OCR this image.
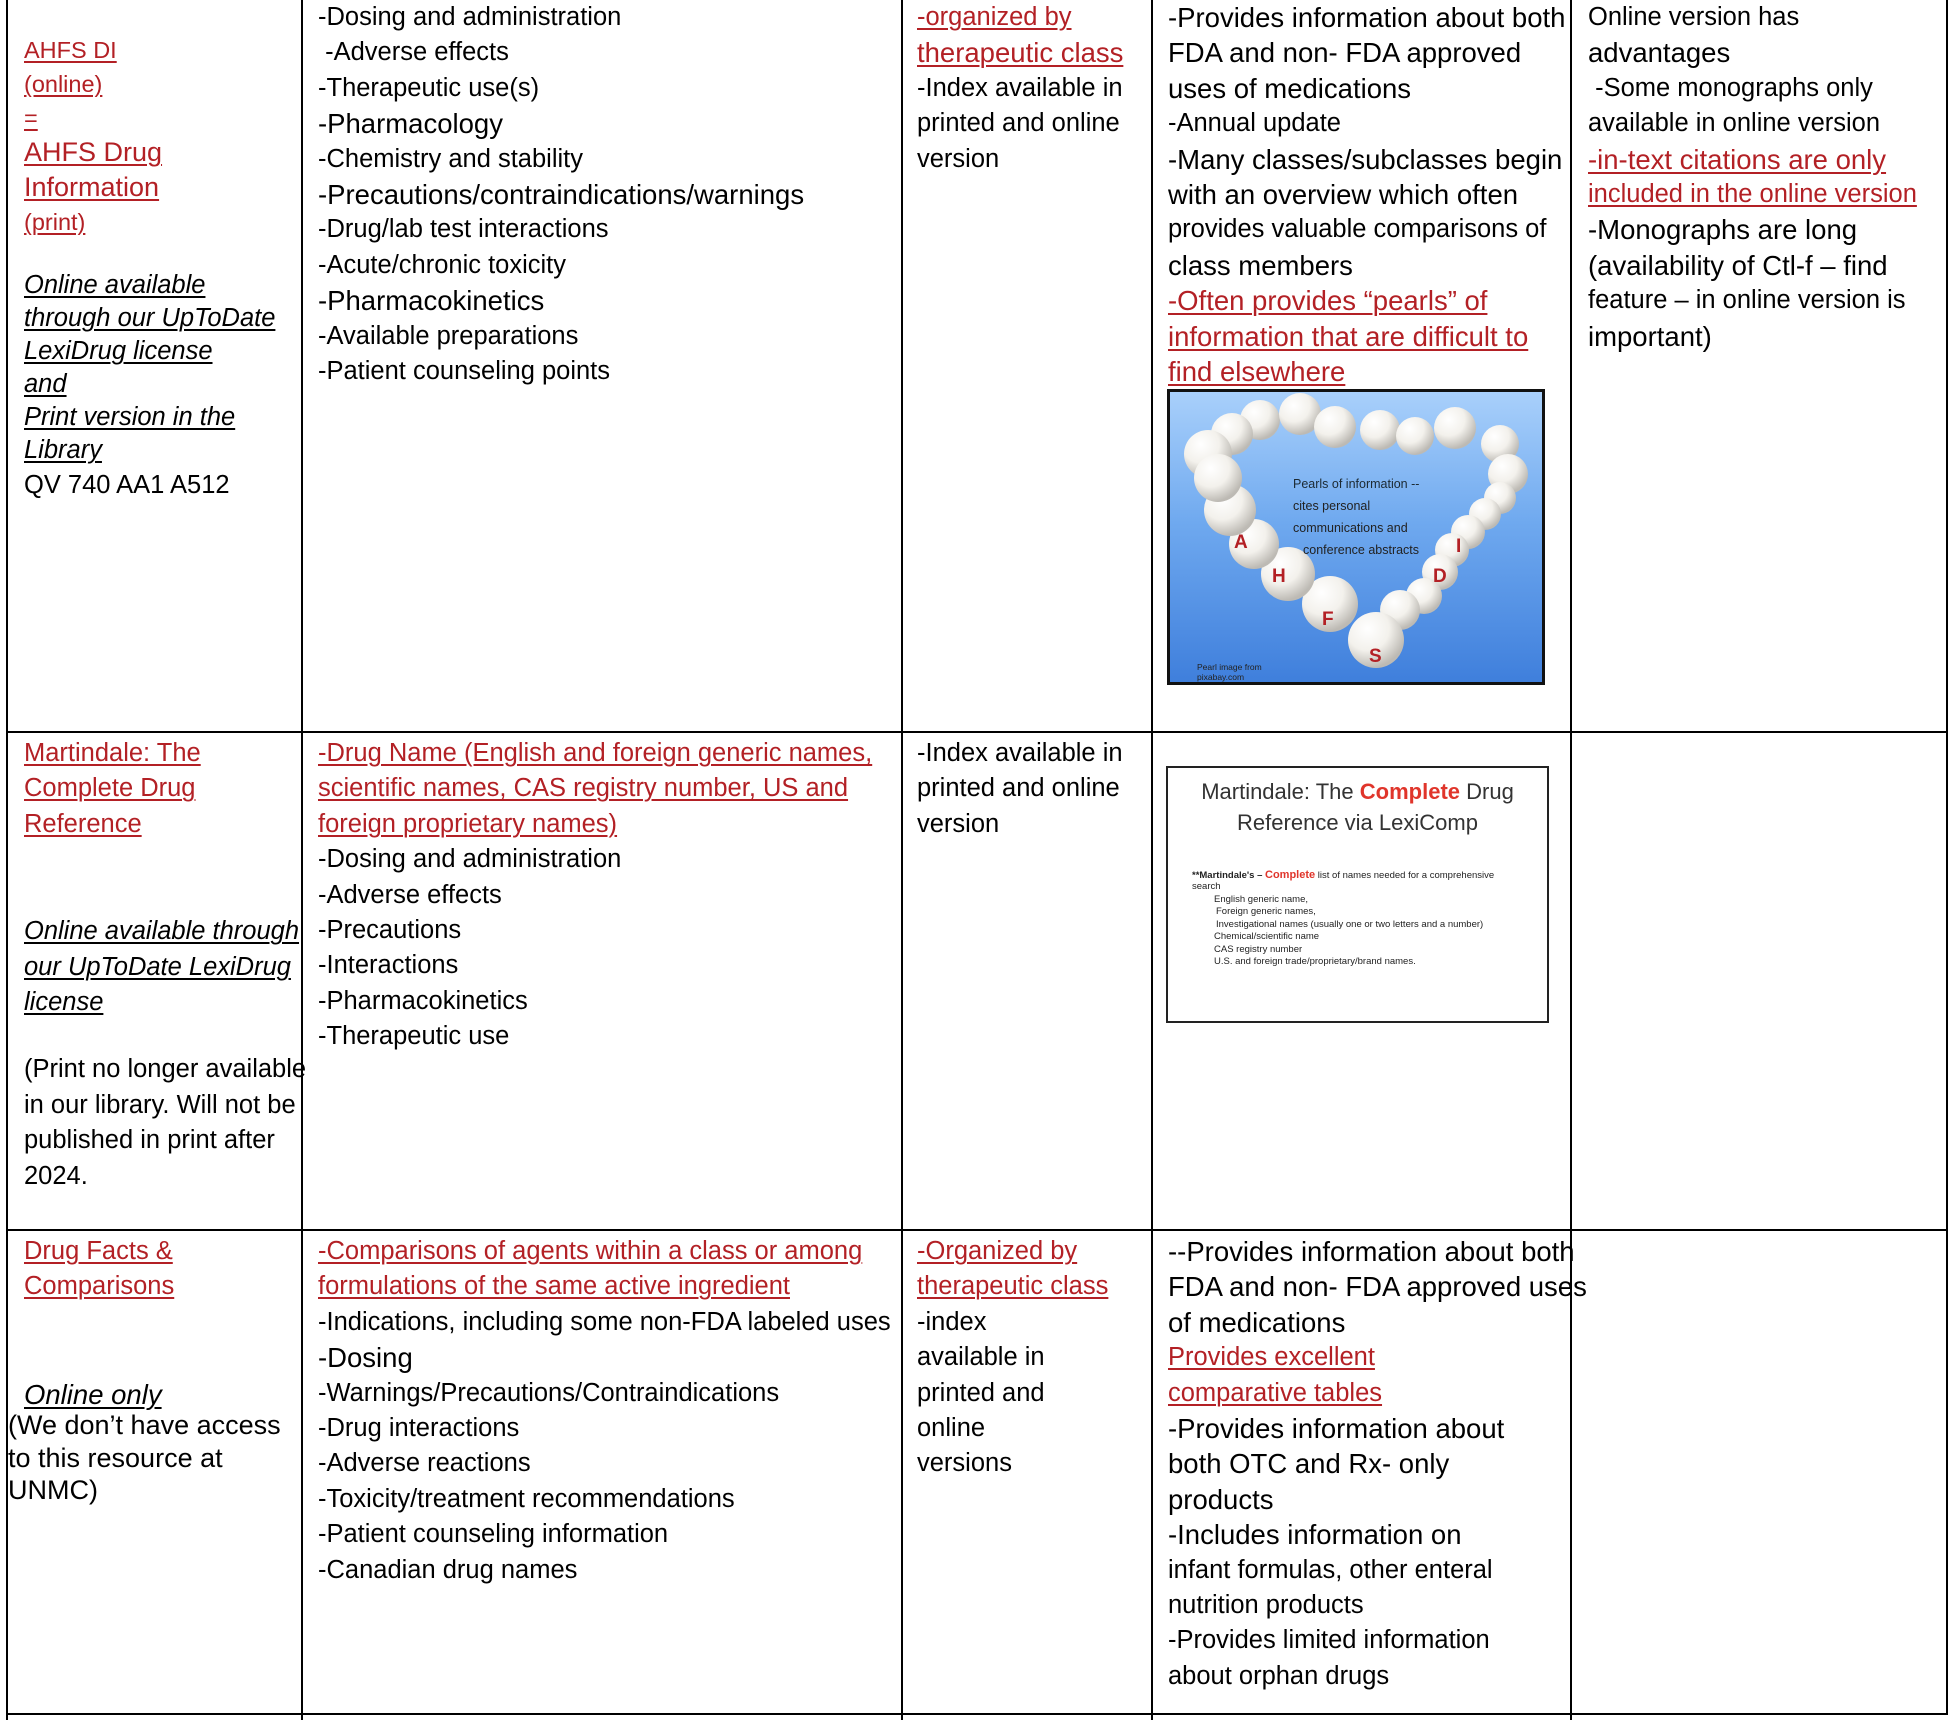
AHFS DI

(online)

=

AHFS Drug

Information

(print)

Online available

through our UpToDate

LexiDrug license

and

Print version in the

Library

QV 740 AA1 A512

-Dosing and administration

-Adverse effects

-Therapeutic use(s)

-Pharmacology

-Chemistry and stability

-Precautions/contraindications/warnings

-Drug/lab test interactions

-Acute/chronic toxicity

-Pharmacokinetics

-Available preparations

-Patient counseling points

-organized by

therapeutic class

-Index available in

printed and online

version

-Provides information about both

FDA and non- FDA approved

uses of medications

-Annual update

-Many classes/subclasses begin

with an overview which often

provides valuable comparisons of

class members

-Often provides “pearls” of

information that are difficult to

find elsewhere

A
H
F
S
D
I
Pearls of information --
cites personal
communications and
conference abstracts
Pearl image from
pixabay.com

Online version has

advantages

-Some monographs only

available in online version

-in-text citations are only

included in the online version

-Monographs are long

(availability of Ctl-f – find

feature – in online version is

important)

Martindale: The

Complete Drug

Reference

Online available through

our UpToDate LexiDrug

license

(Print no longer available

in our library. Will not be

published in print after

2024.

-Drug Name (English and foreign generic names,

scientific names, CAS registry number, US and

foreign proprietary names)

-Dosing and administration

-Adverse effects

-Precautions

-Interactions

-Pharmacokinetics

-Therapeutic use

-Index available in

printed and online

version

Martindale: The Complete Drug
Reference via LexiComp
**Martindale's – Complete list of names needed for a comprehensive
search
English generic name,
Foreign generic names,
Investigational names (usually one or two letters and a number)
Chemical/scientific name
CAS registry number
U.S. and foreign trade/proprietary/brand names.

Drug Facts &

Comparisons

Online only

(We don’t have access

to this resource at

UNMC)

-Comparisons of agents within a class or among

formulations of the same active ingredient

-Indications, including some non-FDA labeled uses

-Dosing

-Warnings/Precautions/Contraindications

-Drug interactions

-Adverse reactions

-Toxicity/treatment recommendations

-Patient counseling information

-Canadian drug names

-Organized by

therapeutic class

-index

available in

printed and

online

versions

--Provides information about both

FDA and non- FDA approved uses

of medications

Provides excellent

comparative tables

-Provides information about

both OTC and Rx- only

products

-Includes information on

infant formulas, other enteral

nutrition products

-Provides limited information

about orphan drugs
